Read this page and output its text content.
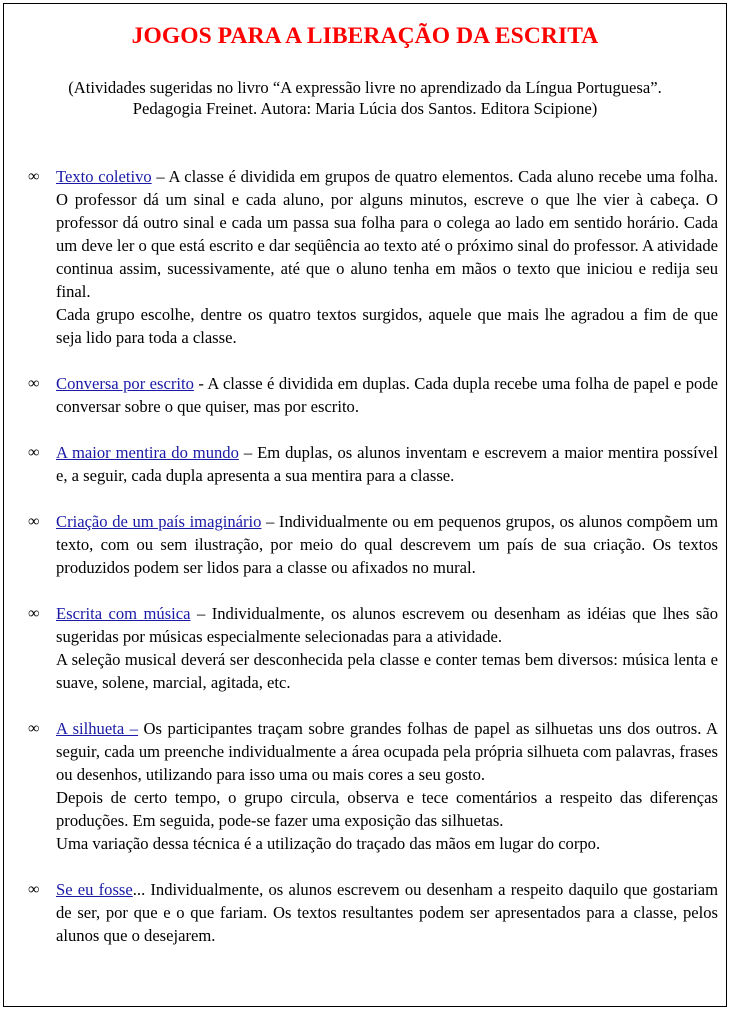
JOGOS PARA A LIBERAÇÃO DA ESCRITA
(Atividades sugeridas no livro “A expressão livre no aprendizado da Língua Portuguesa”.
Pedagogia Freinet. Autora: Maria Lúcia dos Santos. Editora Scipione)
∞ Texto coletivo – A classe é dividida em grupos de quatro elementos. Cada aluno recebe uma folha. O professor dá um sinal e cada aluno, por alguns minutos, escreve o que lhe vier à cabeça. O professor dá outro sinal e cada um passa sua folha para o colega ao lado em sentido horário. Cada um deve ler o que está escrito e dar seqüência ao texto até o próximo sinal do professor. A atividade continua assim, sucessivamente, até que o aluno tenha em mãos o texto que iniciou e redija seu final.

Cada grupo escolhe, dentre os quatro textos surgidos, aquele que mais lhe agradou a fim de que seja lido para toda a classe.

∞ Conversa por escrito - A classe é dividida em duplas. Cada dupla recebe uma folha de papel e pode conversar sobre o que quiser, mas por escrito.

∞ A maior mentira do mundo – Em duplas, os alunos inventam e escrevem a maior mentira possível e, a seguir, cada dupla apresenta a sua mentira para a classe.

∞ Criação de um país imaginário – Individualmente ou em pequenos grupos, os alunos compõem um texto, com ou sem ilustração, por meio do qual descrevem um país de sua criação. Os textos produzidos podem ser lidos para a classe ou afixados no mural.

∞ Escrita com música – Individualmente, os alunos escrevem ou desenham as idéias que lhes são sugeridas por músicas especialmente selecionadas para a atividade.

A seleção musical deverá ser desconhecida pela classe e conter temas bem diversos: música lenta e suave, solene, marcial, agitada, etc.

∞ A silhueta – Os participantes traçam sobre grandes folhas de papel as silhuetas uns dos outros. A seguir, cada um preenche individualmente a área ocupada pela própria silhueta com palavras, frases ou desenhos, utilizando para isso uma ou mais cores a seu gosto.

Depois de certo tempo, o grupo circula, observa e tece comentários a respeito das diferenças produções. Em seguida, pode-se fazer uma exposição das silhuetas.

Uma variação dessa técnica é a utilização do traçado das mãos em lugar do corpo.

∞ Se eu fosse... Individualmente, os alunos escrevem ou desenham a respeito daquilo que gostariam de ser, por que e o que fariam. Os textos resultantes podem ser apresentados para a classe, pelos alunos que o desejarem.
